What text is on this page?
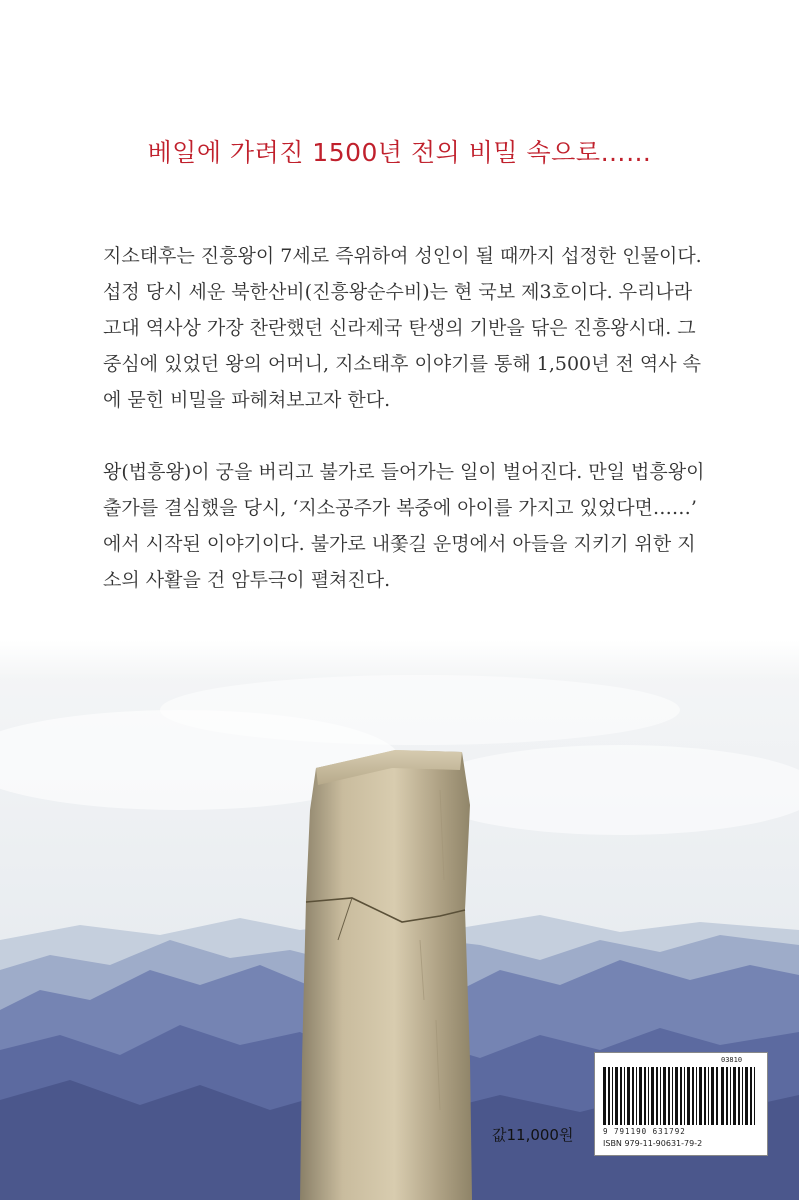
베일에 가려진 1500년 전의 비밀 속으로……
지소태후는 진흥왕이 7세로 즉위하여 성인이 될 때까지 섭정한 인물이다.
섭정 당시 세운 북한산비(진흥왕순수비)는 현 국보 제3호이다. 우리나라
고대 역사상 가장 찬란했던 신라제국 탄생의 기반을 닦은 진흥왕시대. 그
중심에 있었던 왕의 어머니, 지소태후 이야기를 통해 1,500년 전 역사 속
에 묻힌 비밀을 파헤쳐보고자 한다.
왕(법흥왕)이 궁을 버리고 불가로 들어가는 일이 벌어진다. 만일 법흥왕이
출가를 결심했을 당시, ‘지소공주가 복중에 아이를 가지고 있었다면……’
에서 시작된 이야기이다. 불가로 내쫓길 운명에서 아들을 지키기 위한 지
소의 사활을 건 암투극이 펼쳐진다.
03810
9 791190 631792
ISBN 979-11-90631-79-2
값11,000원
